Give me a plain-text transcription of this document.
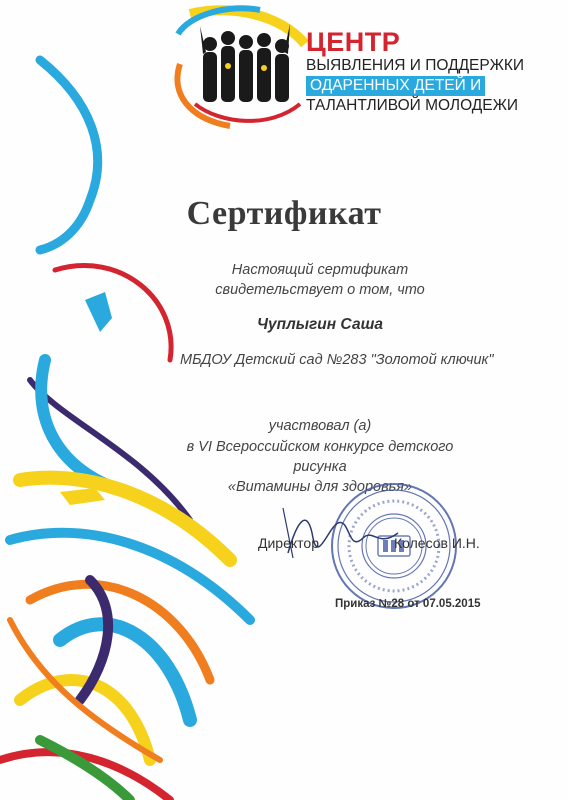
ЦЕНТР
ВЫЯВЛЕНИЯ И ПОДДЕРЖКИ
ОДАРЕННЫХ ДЕТЕЙ И
ТАЛАНТЛИВОЙ МОЛОДЕЖИ
Сертификат
Настоящий сертификат
свидетельствует о том, что
Чуплыгин Саша
МБДОУ Детский сад №283 "Золотой ключик"
участвовал (а)
в VI Всероссийском конкурсе детского
рисунка
«Витамины для здоровья»
Директор	Колесов И.Н.
Приказ №28 от 07.05.2015
